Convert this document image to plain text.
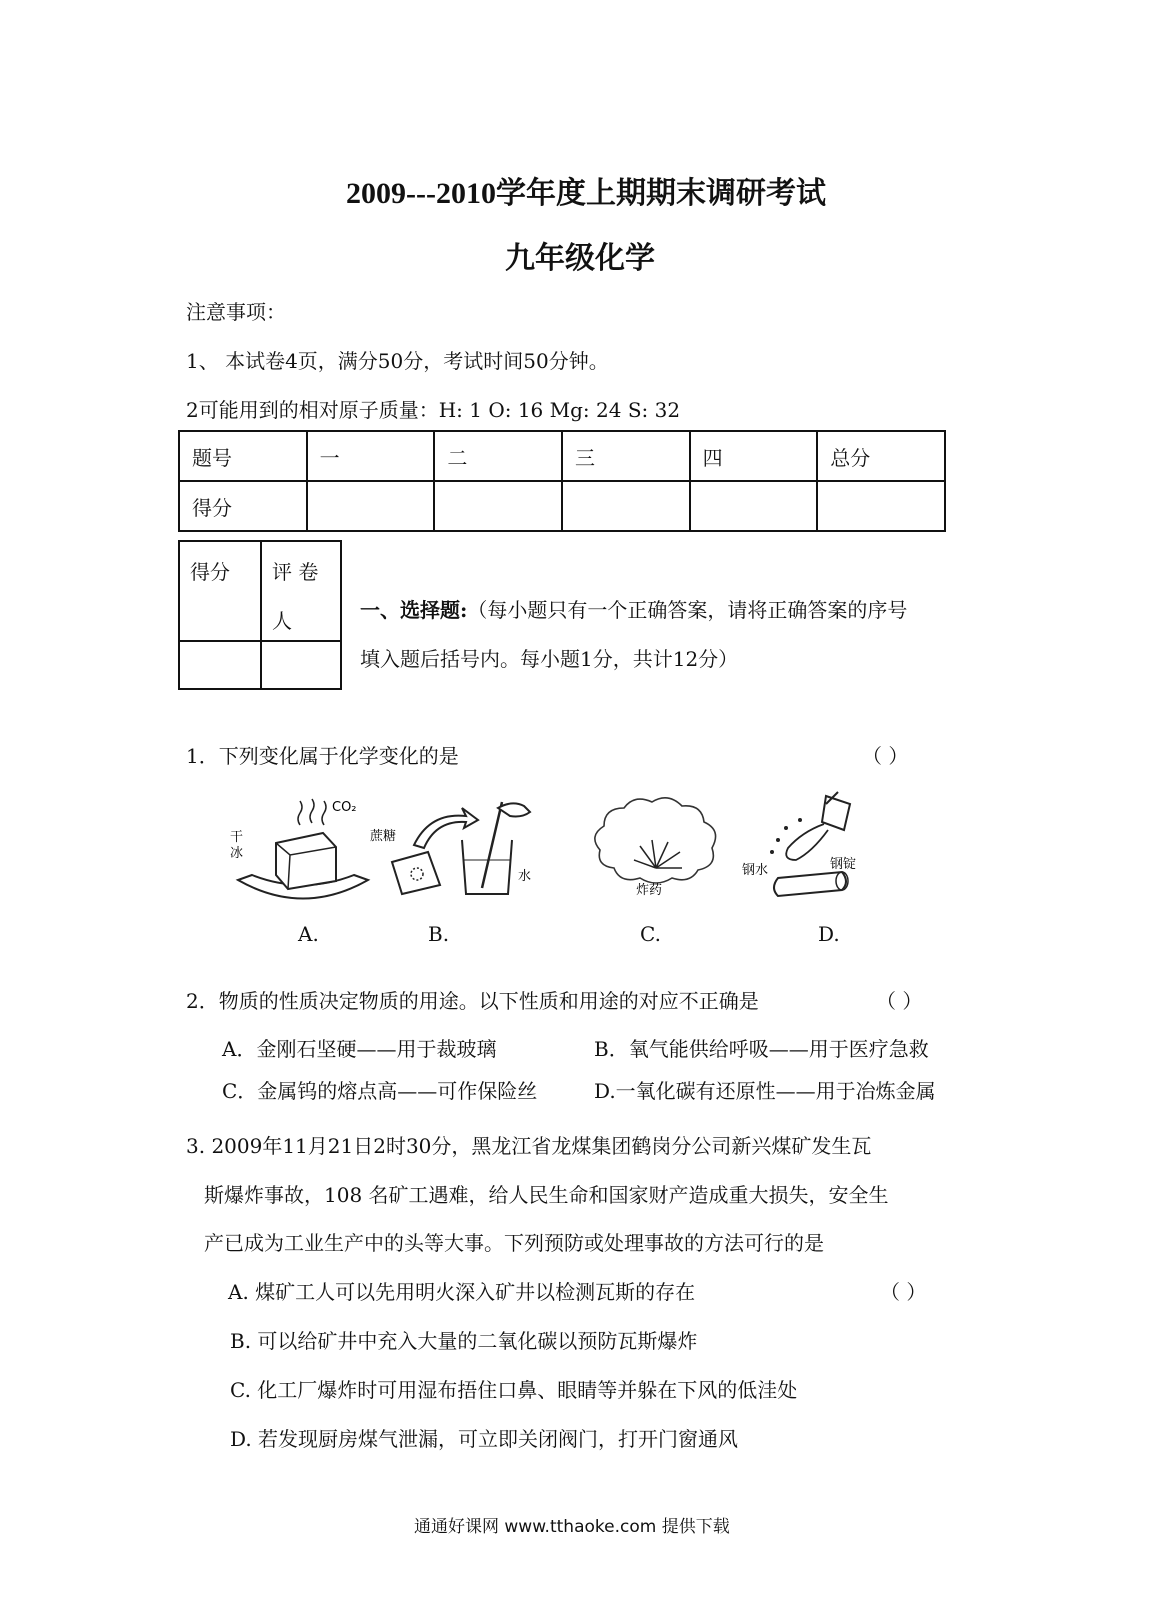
2009---2010学年度上期期末调研考试
九年级化学
注意事项：
1、 本试卷4页，满分50分，考试时间50分钟。
2可能用到的相对原子质量：H: 1 O: 16 Mg: 24 S: 32
题号	一	二	三	四	总分
得分					
得分 评 卷
人	一、选择题:（每小题只有一个正确答案，请将正确答案的序号
填入题后括号内。每小题1分，共计12分）
1．下列变化属于化学变化的是	（ ）
干
冰
CO₂
蔗糖
水
炸药
钢水	钢锭
A.	B.	C.	D.
2．物质的性质决定物质的用途。以下性质和用途的对应不正确是	（ ）
A．金刚石坚硬——用于裁玻璃	B．氧气能供给呼吸——用于医疗急救
C．金属钨的熔点高——可作保险丝	D.一氧化碳有还原性——用于冶炼金属
3. 2009年11月21日2时30分，黑龙江省龙煤集团鹤岗分公司新兴煤矿发生瓦
斯爆炸事故，108 名矿工遇难，给人民生命和国家财产造成重大损失，安全生
产已成为工业生产中的头等大事。下列预防或处理事故的方法可行的是
A. 煤矿工人可以先用明火深入矿井以检测瓦斯的存在	（ ）
B. 可以给矿井中充入大量的二氧化碳以预防瓦斯爆炸
C. 化工厂爆炸时可用湿布捂住口鼻、眼睛等并躲在下风的低洼处
D. 若发现厨房煤气泄漏，可立即关闭阀门，打开门窗通风
通通好课网 www.tthaoke.com 提供下载
